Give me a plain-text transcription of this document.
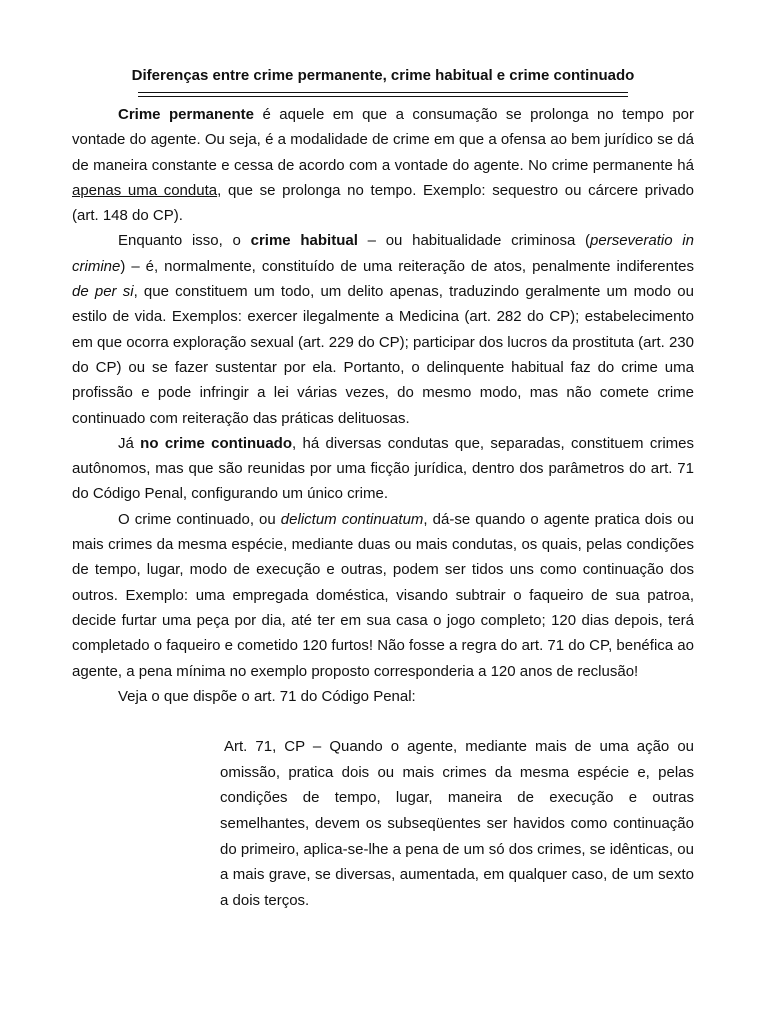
Diferenças entre crime permanente, crime habitual e crime continuado

Crime permanente é aquele em que a consumação se prolonga no tempo por vontade do agente. Ou seja, é a modalidade de crime em que a ofensa ao bem jurídico se dá de maneira constante e cessa de acordo com a vontade do agente. No crime permanente há apenas uma conduta, que se prolonga no tempo. Exemplo: sequestro ou cárcere privado (art. 148 do CP).

Enquanto isso, o crime habitual – ou habitualidade criminosa (perseveratio in crimine) – é, normalmente, constituído de uma reiteração de atos, penalmente indiferentes de per si, que constituem um todo, um delito apenas, traduzindo geralmente um modo ou estilo de vida. Exemplos: exercer ilegalmente a Medicina (art. 282 do CP); estabelecimento em que ocorra exploração sexual (art. 229 do CP); participar dos lucros da prostituta (art. 230 do CP) ou se fazer sustentar por ela. Portanto, o delinquente habitual faz do crime uma profissão e pode infringir a lei várias vezes, do mesmo modo, mas não comete crime continuado com reiteração das práticas delituosas.

Já no crime continuado, há diversas condutas que, separadas, constituem crimes autônomos, mas que são reunidas por uma ficção jurídica, dentro dos parâmetros do art. 71 do Código Penal, configurando um único crime.

O crime continuado, ou delictum continuatum, dá-se quando o agente pratica dois ou mais crimes da mesma espécie, mediante duas ou mais condutas, os quais, pelas condições de tempo, lugar, modo de execução e outras, podem ser tidos uns como continuação dos outros. Exemplo: uma empregada doméstica, visando subtrair o faqueiro de sua patroa, decide furtar uma peça por dia, até ter em sua casa o jogo completo; 120 dias depois, terá completado o faqueiro e cometido 120 furtos! Não fosse a regra do art. 71 do CP, benéfica ao agente, a pena mínima no exemplo proposto corresponderia a 120 anos de reclusão!

Veja o que dispõe o art. 71 do Código Penal:

Art. 71, CP – Quando o agente, mediante mais de uma ação ou omissão, pratica dois ou mais crimes da mesma espécie e, pelas condições de tempo, lugar, maneira de execução e outras semelhantes, devem os subseqüentes ser havidos como continuação do primeiro, aplica-se-lhe a pena de um só dos crimes, se idênticas, ou a mais grave, se diversas, aumentada, em qualquer caso, de um sexto a dois terços.
